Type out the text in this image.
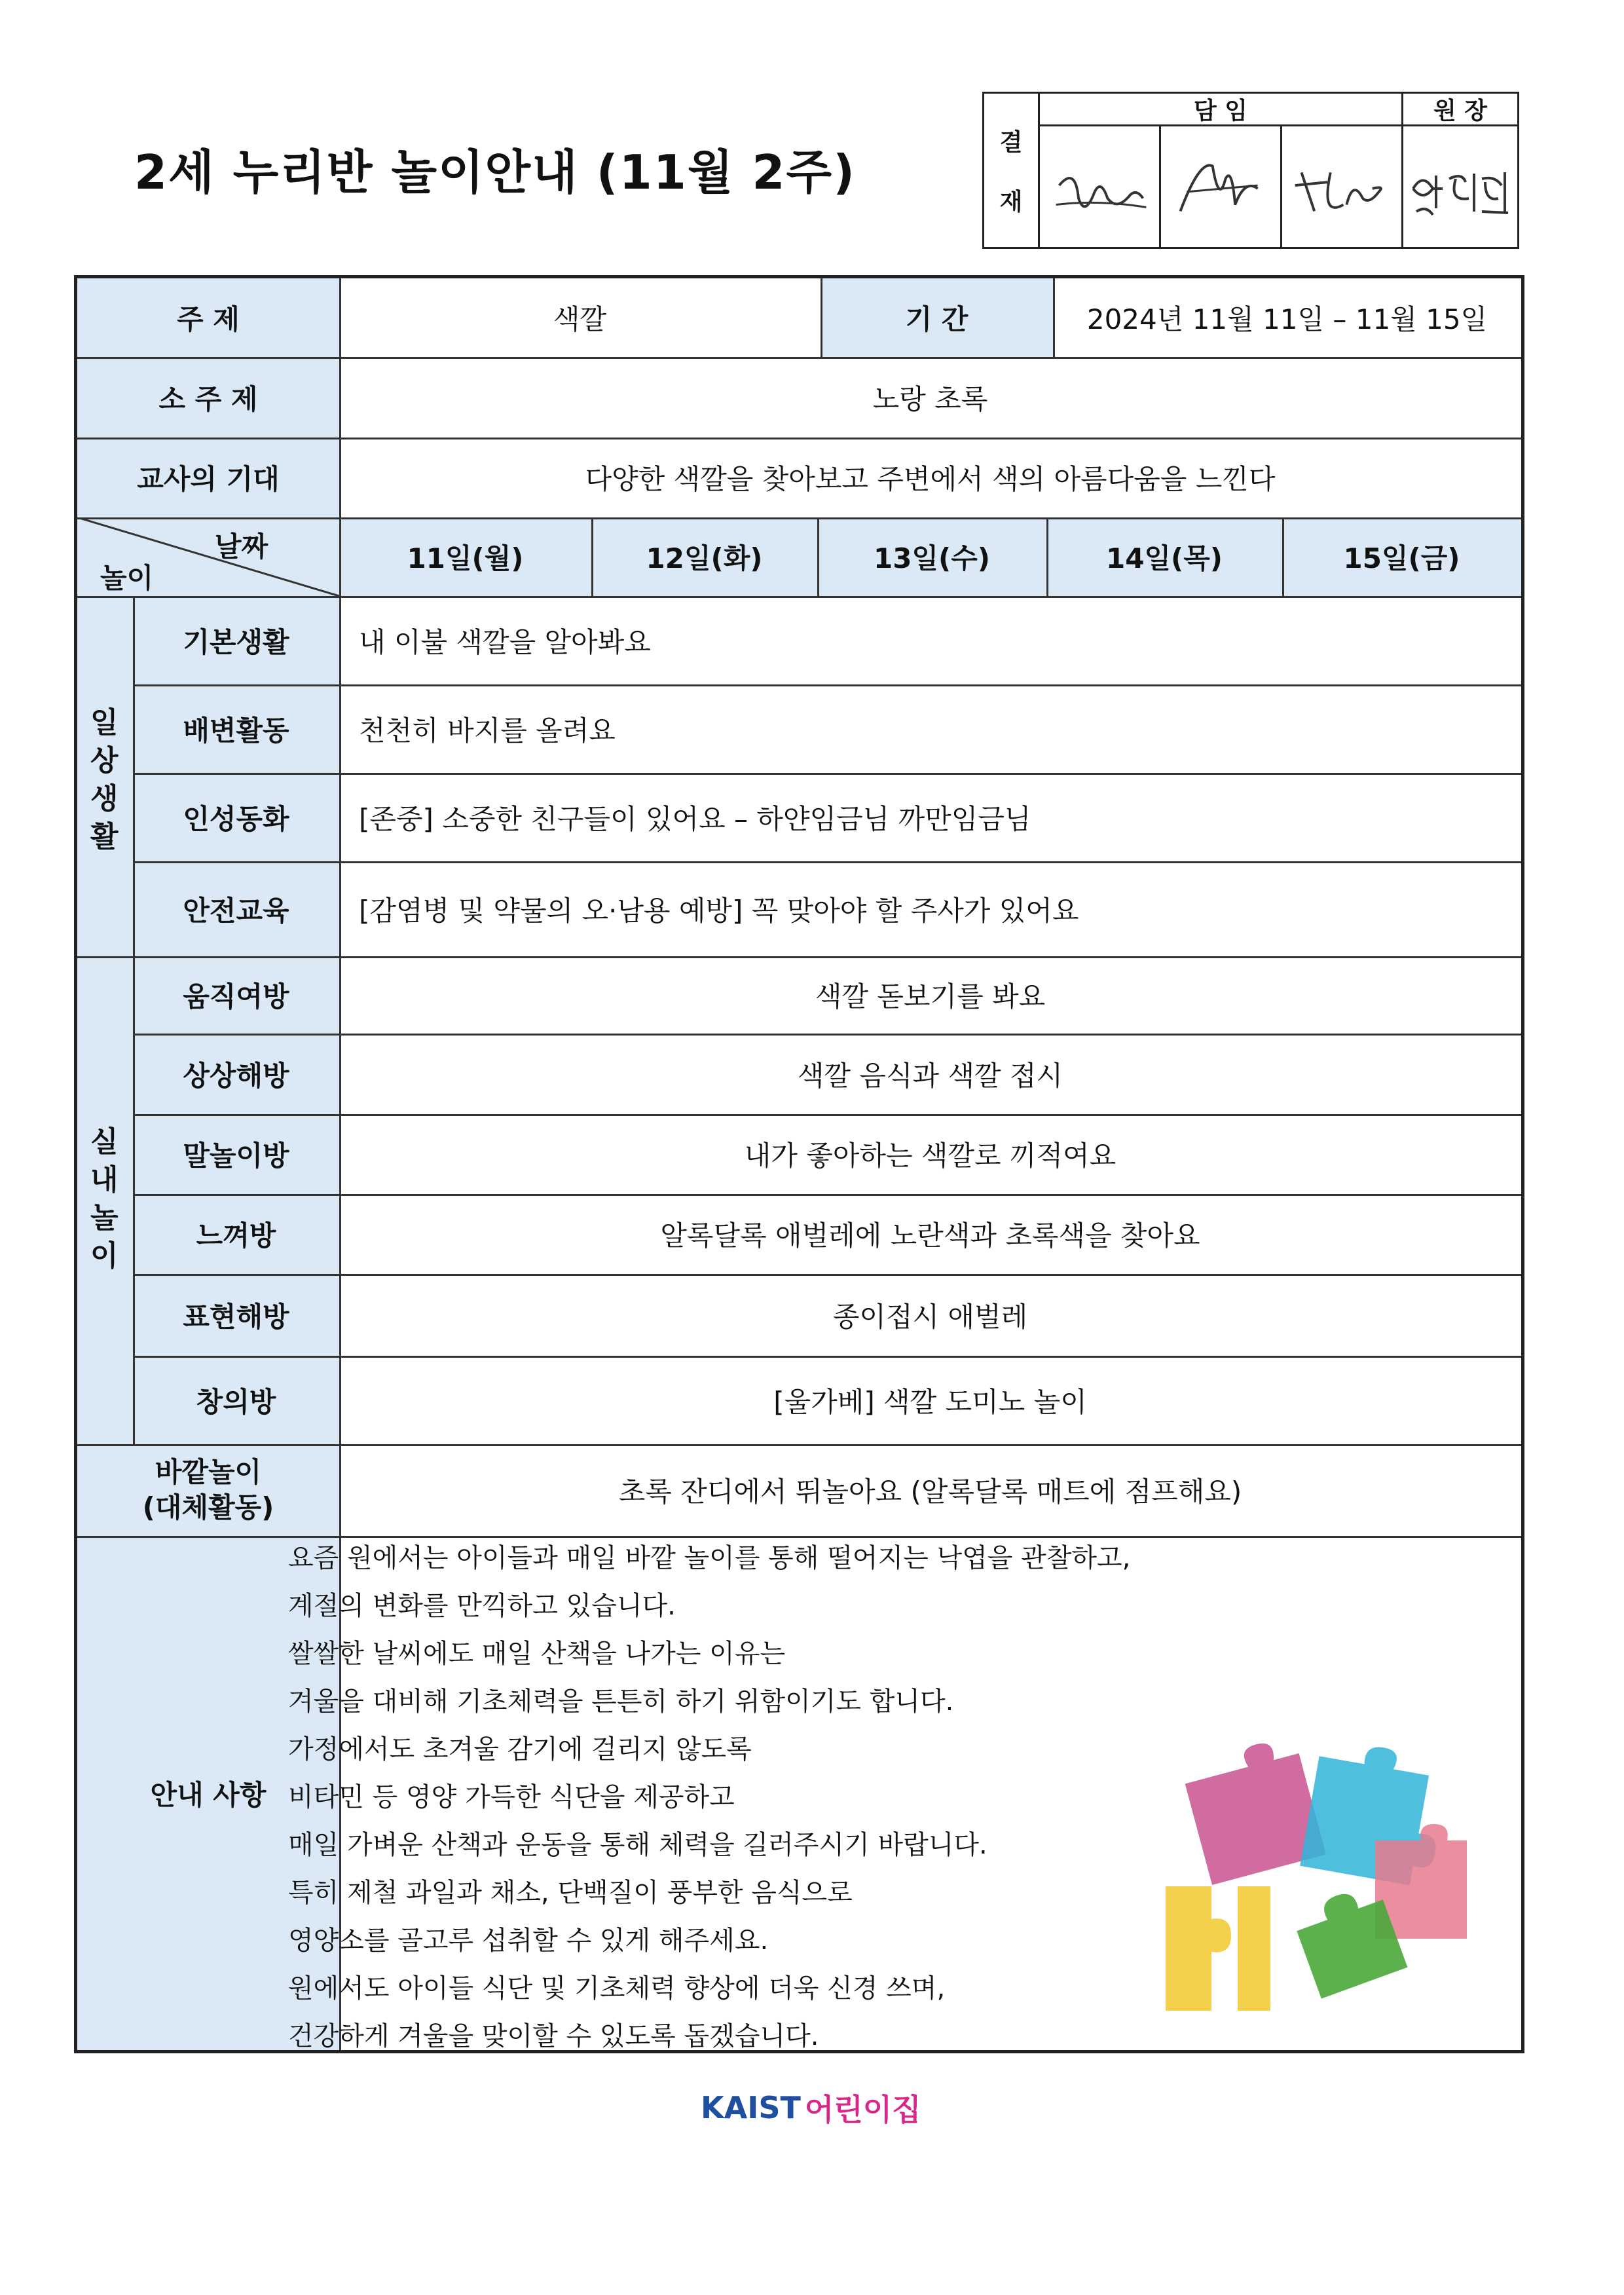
2세 누리반 놀이안내 (11월 2주)
결
재
담 임	원 장
주 제	색깔	기 간	2024년 11월 11일 – 11월 15일
소 주 제	노랑 초록
교사의 기대	다양한 색깔을 찾아보고 주변에서 색의 아름다움을 느낀다
날짜
놀이
11일(월)	12일(화)	13일(수)	14일(목)	15일(금)
일
상
생
활
기본생활	내 이불 색깔을 알아봐요
배변활동	천천히 바지를 올려요
인성동화	[존중] 소중한 친구들이 있어요 – 하얀임금님 까만임금님
안전교육	[감염병 및 약물의 오·남용 예방] 꼭 맞아야 할 주사가 있어요
실
내
놀
이
움직여방	색깔 돋보기를 봐요
상상해방	색깔 음식과 색깔 접시
말놀이방	내가 좋아하는 색깔로 끼적여요
느껴방	알록달록 애벌레에 노란색과 초록색을 찾아요
표현해방	종이접시 애벌레
창의방	[울가베] 색깔 도미노 놀이
바깥놀이
(대체활동)	초록 잔디에서 뛰놀아요 (알록달록 매트에 점프해요)
안내 사항
요즘 원에서는 아이들과 매일 바깥 놀이를 통해 떨어지는 낙엽을 관찰하고,
계절의 변화를 만끽하고 있습니다.
쌀쌀한 날씨에도 매일 산책을 나가는 이유는
겨울을 대비해 기초체력을 튼튼히 하기 위함이기도 합니다.
가정에서도 초겨울 감기에 걸리지 않도록
비타민 등 영양 가득한 식단을 제공하고
매일 가벼운 산책과 운동을 통해 체력을 길러주시기 바랍니다.
특히 제철 과일과 채소, 단백질이 풍부한 음식으로
영양소를 골고루 섭취할 수 있게 해주세요.
원에서도 아이들 식단 및 기초체력 향상에 더욱 신경 쓰며,
건강하게 겨울을 맞이할 수 있도록 돕겠습니다.
KAIST 어린이집
